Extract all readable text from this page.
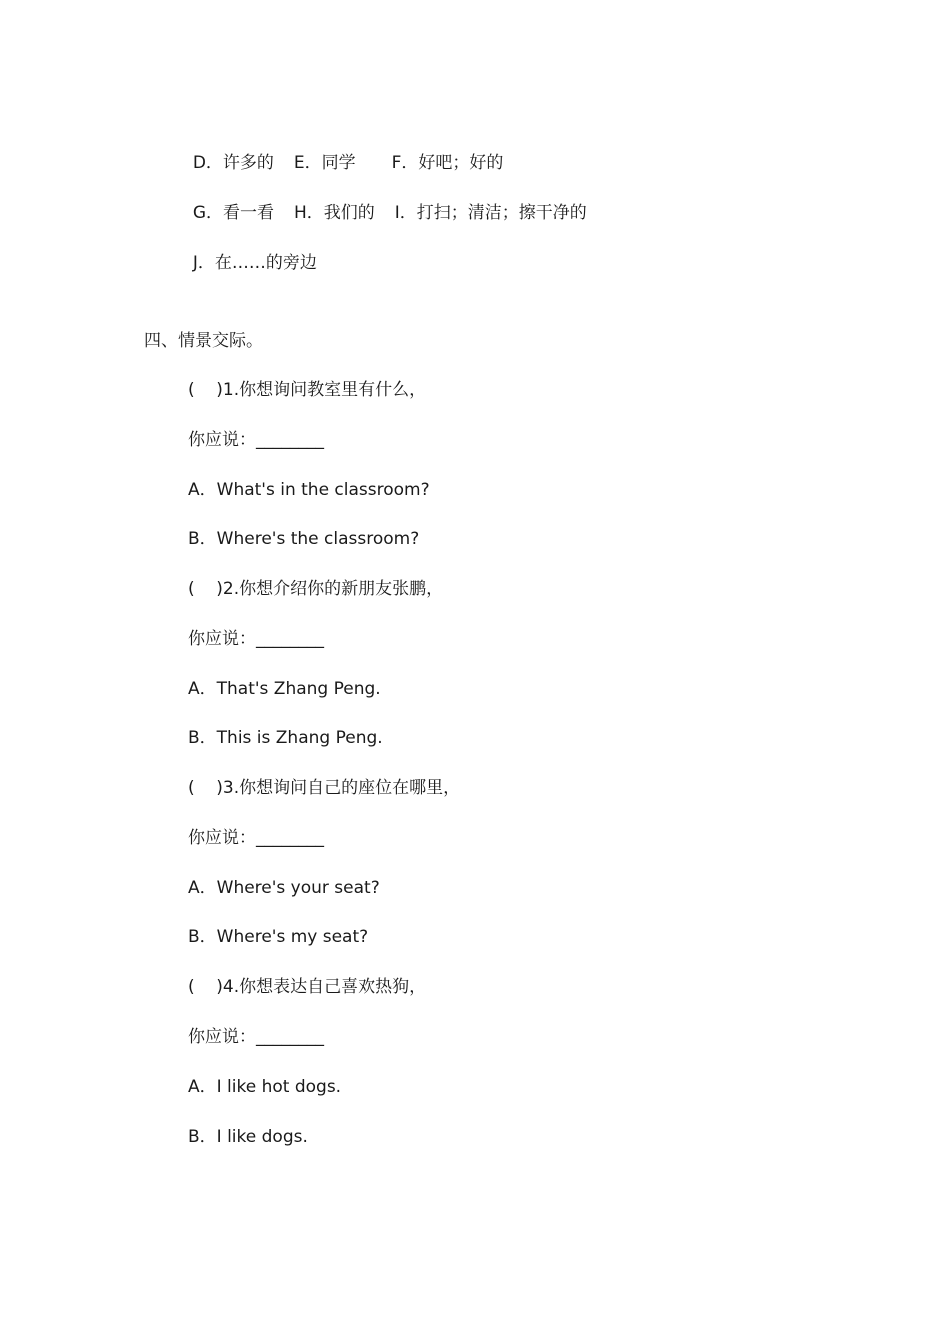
D．许多的 E．同学 F．好吧；好的

G．看一看 H．我们的 I．打扫；清洁；擦干净的

J．在……的旁边

四、情景交际。
(    )1.你想询问教室里有什么，
你应说：________
A．What's in the classroom?
B．Where's the classroom?
(    )2.你想介绍你的新朋友张鹏，
你应说：________
A．That's Zhang Peng.
B．This is Zhang Peng.
(    )3.你想询问自己的座位在哪里，
你应说：________
A．Where's your seat?
B．Where's my seat?
(    )4.你想表达自己喜欢热狗，
你应说：________
A．I like hot dogs.
B．I like dogs.
